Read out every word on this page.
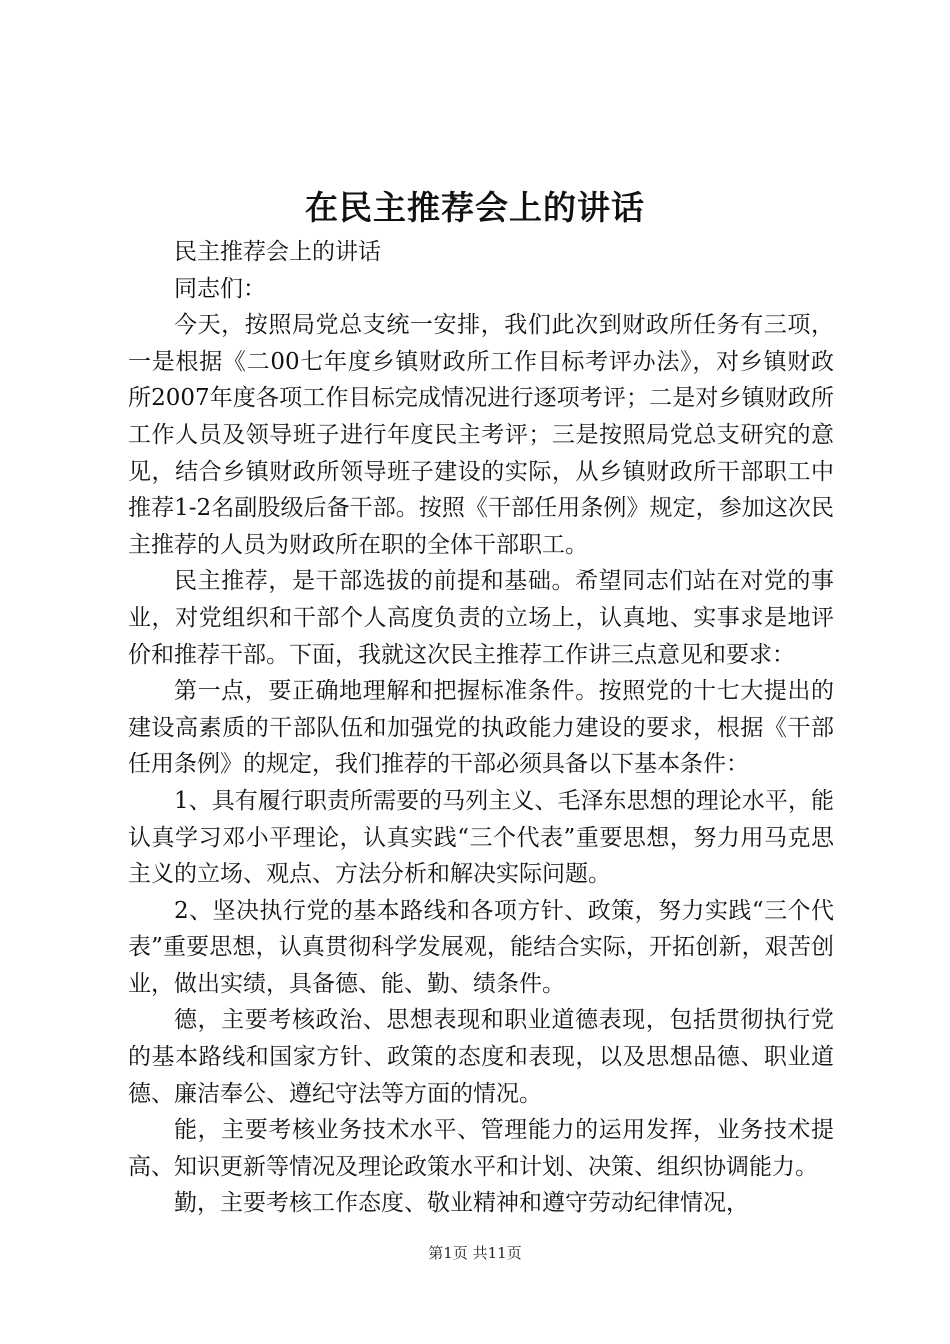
在民主推荐会上的讲话

民主推荐会上的讲话

同志们：

今天，按照局党总支统一安排，我们此次到财政所任务有三项，一是根据《二00七年度乡镇财政所工作目标考评办法》，对乡镇财政所2007年度各项工作目标完成情况进行逐项考评；二是对乡镇财政所工作人员及领导班子进行年度民主考评；三是按照局党总支研究的意见，结合乡镇财政所领导班子建设的实际，从乡镇财政所干部职工中推荐1-2名副股级后备干部。按照《干部任用条例》规定，参加这次民主推荐的人员为财政所在职的全体干部职工。

民主推荐，是干部选拔的前提和基础。希望同志们站在对党的事业，对党组织和干部个人高度负责的立场上，认真地、实事求是地评价和推荐干部。下面，我就这次民主推荐工作讲三点意见和要求：

第一点，要正确地理解和把握标准条件。按照党的十七大提出的建设高素质的干部队伍和加强党的执政能力建设的要求，根据《干部任用条例》的规定，我们推荐的干部必须具备以下基本条件：

1、具有履行职责所需要的马列主义、毛泽东思想的理论水平，能认真学习邓小平理论，认真实践“三个代表”重要思想，努力用马克思主义的立场、观点、方法分析和解决实际问题。

2、坚决执行党的基本路线和各项方针、政策，努力实践“三个代表”重要思想，认真贯彻科学发展观，能结合实际，开拓创新，艰苦创业，做出实绩，具备德、能、勤、绩条件。

德，主要考核政治、思想表现和职业道德表现，包括贯彻执行党的基本路线和国家方针、政策的态度和表现，以及思想品德、职业道德、廉洁奉公、遵纪守法等方面的情况。

能，主要考核业务技术水平、管理能力的运用发挥，业务技术提高、知识更新等情况及理论政策水平和计划、决策、组织协调能力。

勤，主要考核工作态度、敬业精神和遵守劳动纪律情况，

第1页 共11页
